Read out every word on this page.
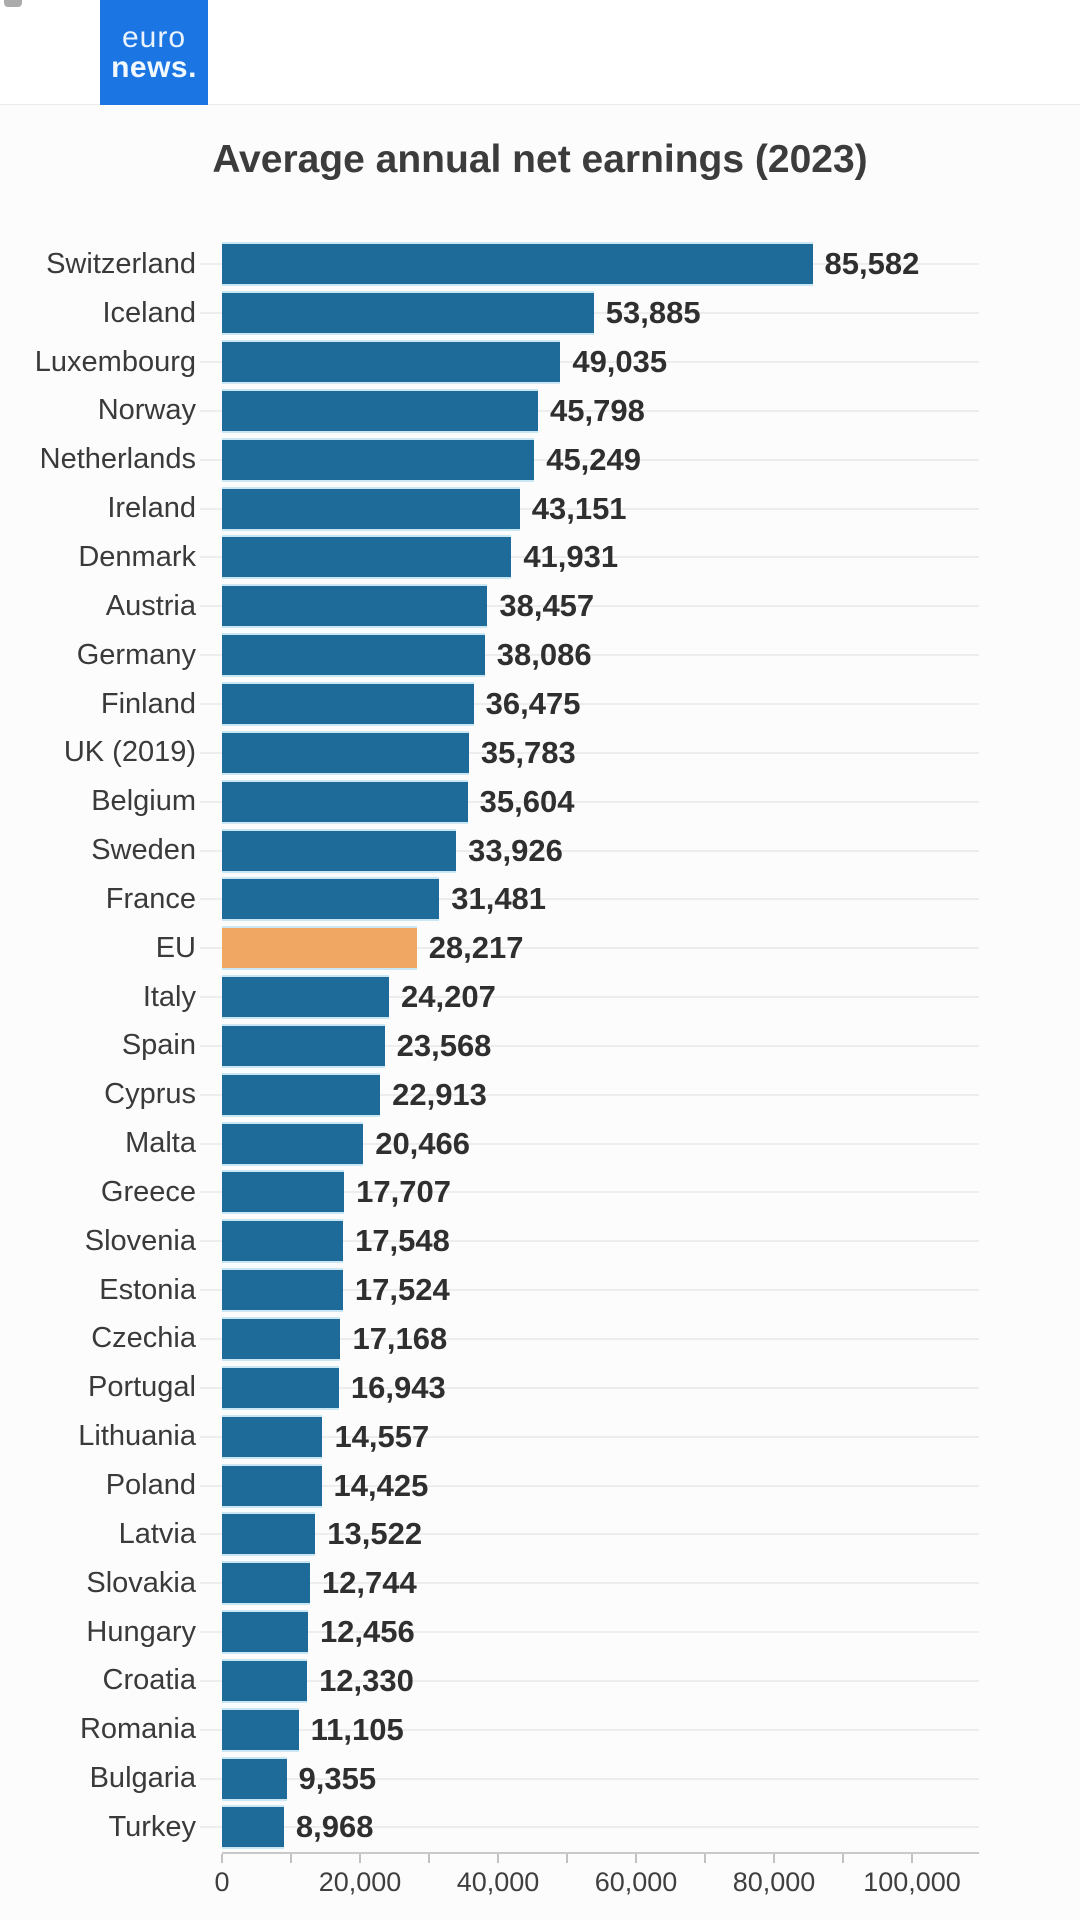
euro
news.
Average annual net earnings (2023)
Switzerland	85,582
Iceland	53,885
Luxembourg	49,035
Norway	45,798
Netherlands	45,249
Ireland	43,151
Denmark	41,931
Austria	38,457
Germany	38,086
Finland	36,475
UK (2019)	35,783
Belgium	35,604
Sweden	33,926
France	31,481
EU	28,217
Italy	24,207
Spain	23,568
Cyprus	22,913
Malta	20,466
Greece	17,707
Slovenia	17,548
Estonia	17,524
Czechia	17,168
Portugal	16,943
Lithuania	14,557
Poland	14,425
Latvia	13,522
Slovakia	12,744
Hungary	12,456
Croatia	12,330
Romania	11,105
Bulgaria	9,355
Turkey	8,968
0	20,000 40,000 60,000 80,000 100,000
